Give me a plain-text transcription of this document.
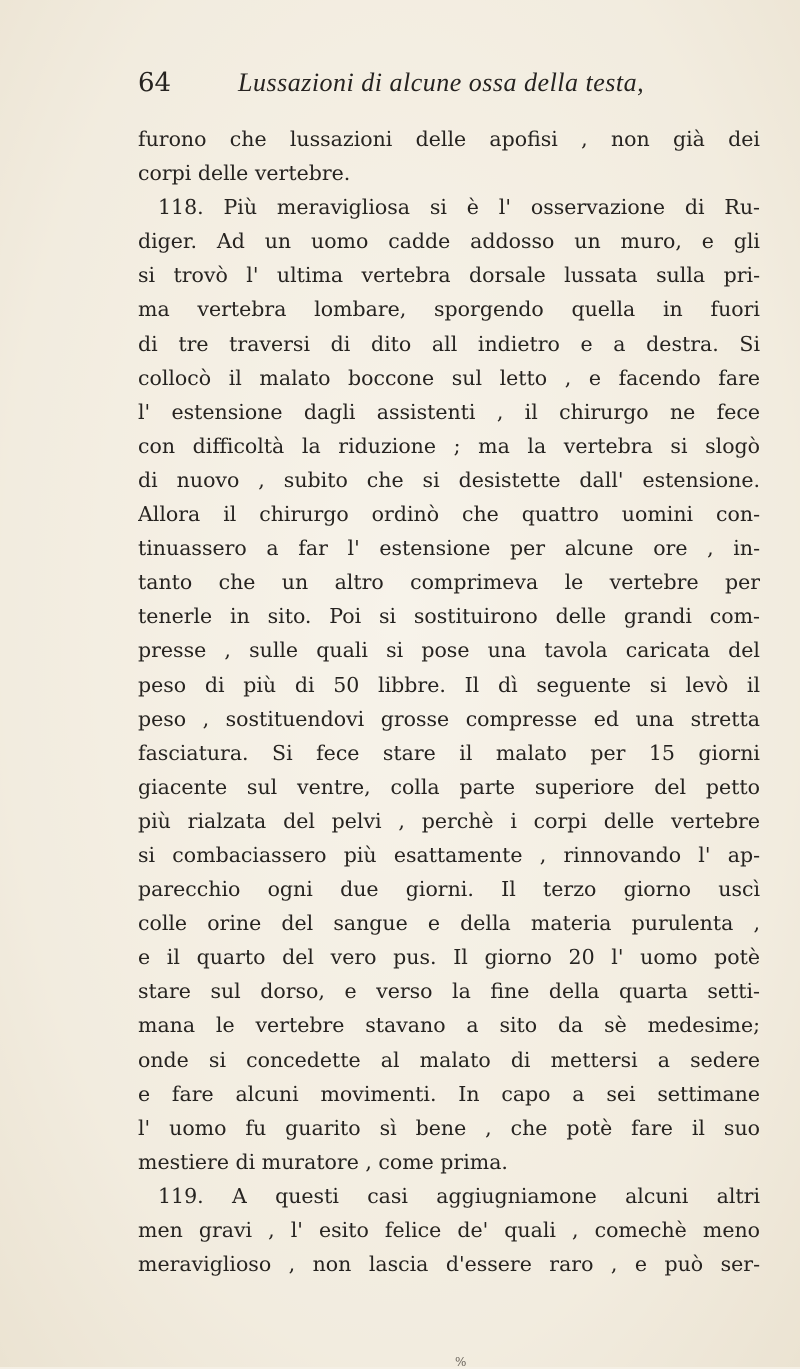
64	Lussazioni di alcune ossa della testa,
furono che lussazioni delle apofisi , non già dei
corpi delle vertebre.
118. Più meravigliosa si è l' osservazione di Ru-
diger. Ad un uomo cadde addosso un muro, e gli
si trovò l' ultima vertebra dorsale lussata sulla pri-
ma vertebra lombare, sporgendo quella in fuori
di tre traversi di dito all indietro e a destra. Si
collocò il malato boccone sul letto , e facendo fare
l' estensione dagli assistenti , il chirurgo ne fece
con difficoltà la riduzione ; ma la vertebra si slogò
di nuovo , subito che si desistette dall' estensione.
Allora il chirurgo ordinò che quattro uomini con-
tinuassero a far l' estensione per alcune ore , in-
tanto che un altro comprimeva le vertebre per
tenerle in sito. Poi si sostituirono delle grandi com-
presse , sulle quali si pose una tavola caricata del
peso di più di 50 libbre. Il dì seguente si levò il
peso , sostituendovi grosse compresse ed una stretta
fasciatura. Si fece stare il malato per 15 giorni
giacente sul ventre, colla parte superiore del petto
più rialzata del pelvi , perchè i corpi delle vertebre
si combaciassero più esattamente , rinnovando l' ap-
parecchio ogni due giorni. Il terzo giorno uscì
colle orine del sangue e della materia purulenta ,
e il quarto del vero pus. Il giorno 20 l' uomo potè
stare sul dorso, e verso la fine della quarta setti-
mana le vertebre stavano a sito da sè medesime;
onde si concedette al malato di mettersi a sedere
e fare alcuni movimenti. In capo a sei settimane
l' uomo fu guarito sì bene , che potè fare il suo
mestiere di muratore , come prima.
119. A questi casi aggiugniamone alcuni altri
men gravi , l' esito felice de' quali , comechè meno
meraviglioso , non lascia d'essere raro , e può ser-
%
